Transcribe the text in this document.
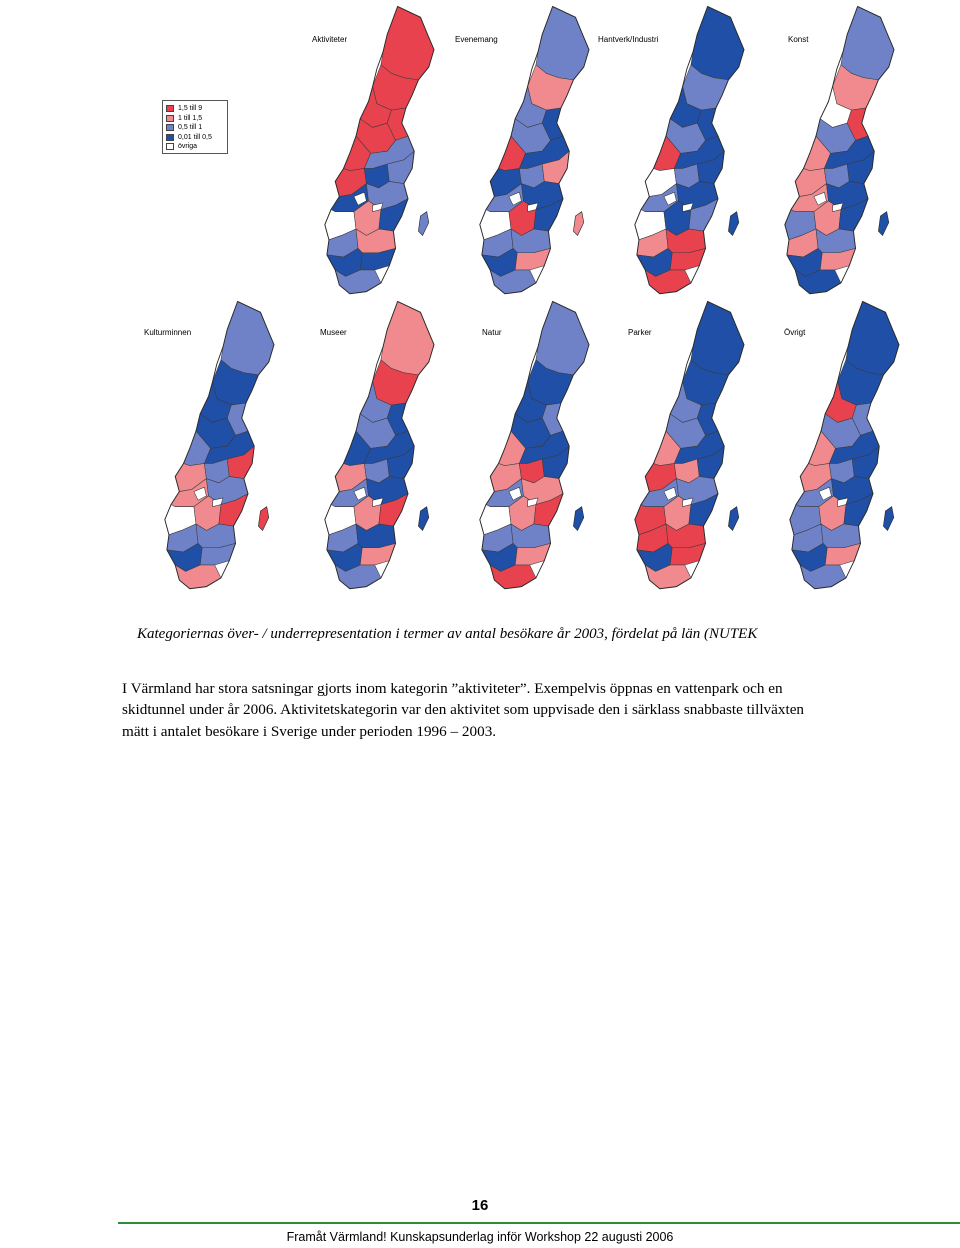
Aktiviteter	Evenemang	Hantverk/Industri	Konst
Kulturminnen	Museer	Natur	Parker	Övrigt
1,5 till 9
1 till 1,5
0,5 till 1
0,01 till 0,5
övriga
Kategoriernas över- / underrepresentation i termer av antal besökare år 2003, fördelat på län (NUTEK
I Värmland har stora satsningar gjorts inom kategorin ”aktiviteter”. Exempelvis öppnas en vattenpark och en skidtunnel under år 2006. Aktivitetskategorin var den aktivitet som uppvisade den i särklass snabbaste tillväxten mätt i antalet besökare i Sverige under perioden 1996 – 2003.
16
Framåt Värmland! Kunskapsunderlag inför Workshop 22 augusti 2006
